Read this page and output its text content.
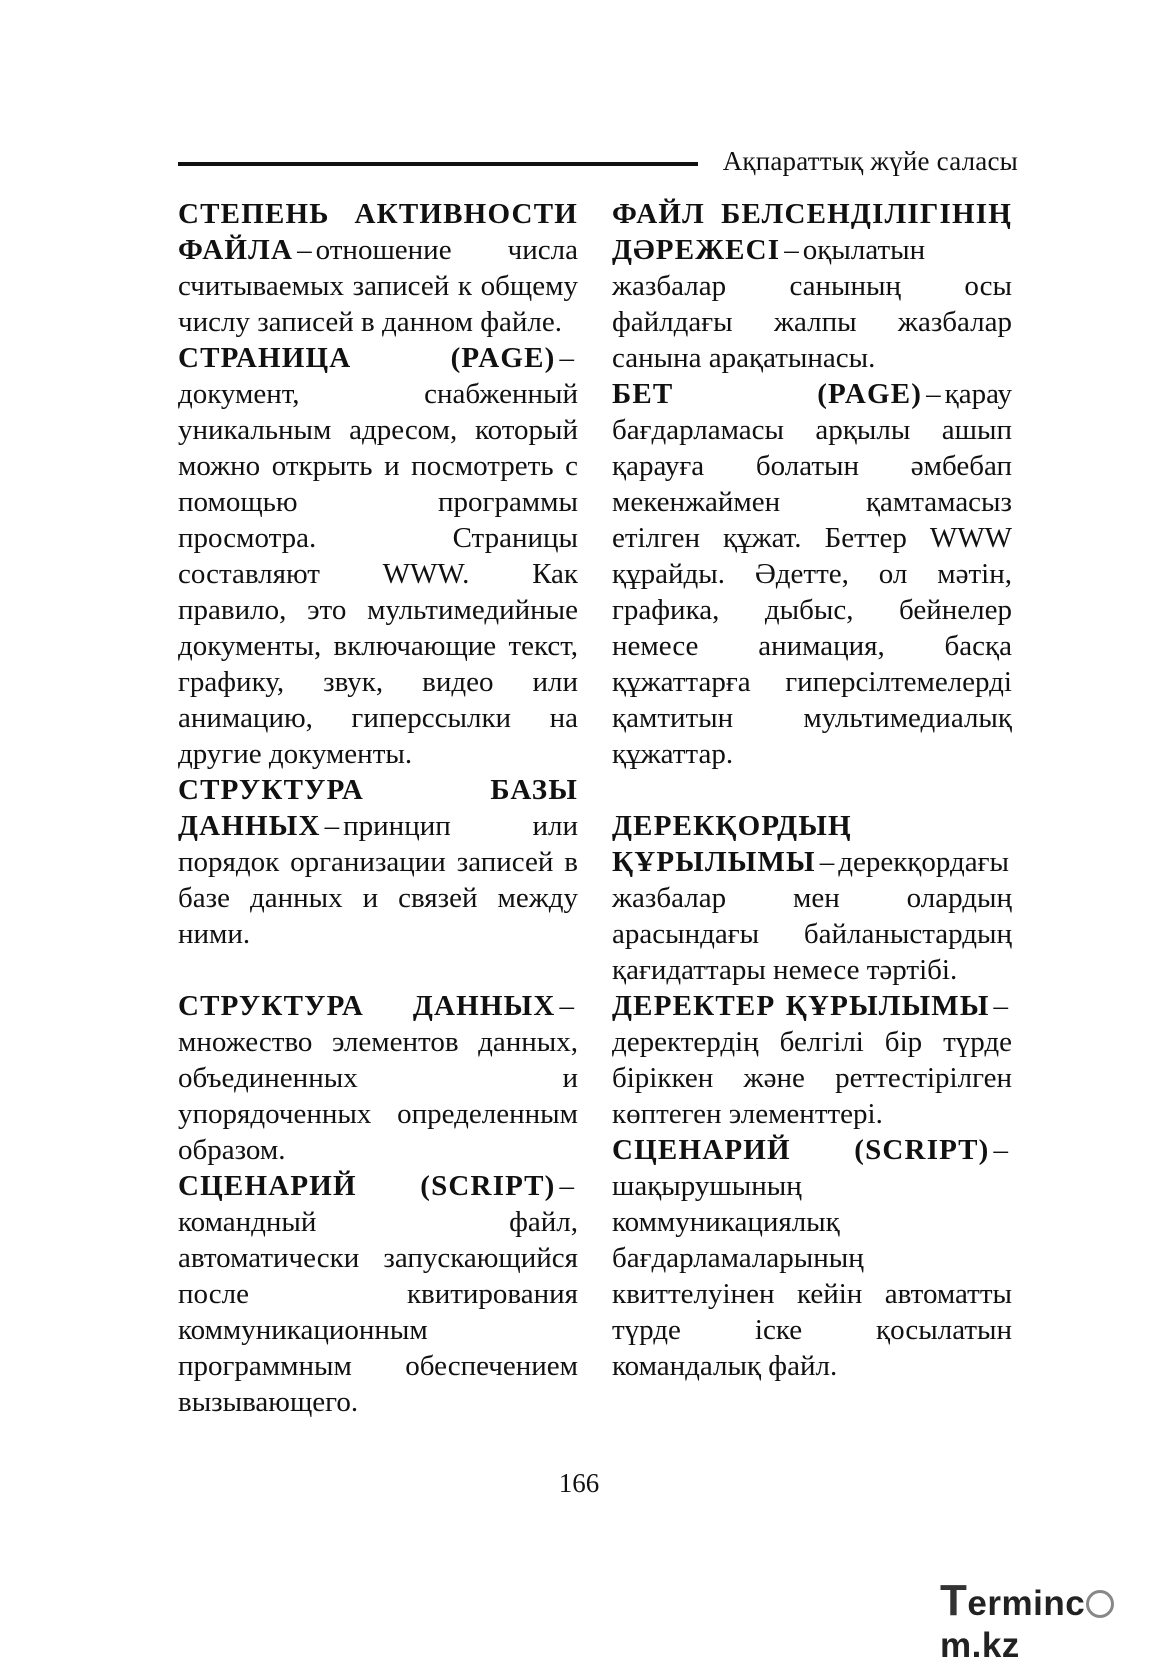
Ақпараттық жүйе саласы

СТЕПЕНЬ АКТИВНОСТИ ФАЙЛА – отношение числа считываемых записей к общему числу записей в данном файле.

СТРАНИЦА (PAGE) –документ, снабженный уникальным адресом, который можно открыть и посмотреть с помощью программы просмотра. Страницы составляют WWW. Как правило, это мультимедийные документы, включающие текст, графику, звук, видео или анимацию, гиперссылки на другие документы.

СТРУКТУРА БАЗЫ ДАННЫХ – принцип или порядок организации записей в базе данных и связей между ними.

СТРУКТУРА ДАННЫХ –множество элементов данных, объединенных и упорядоченных определенным образом.

СЦЕНАРИЙ (SCRIPT) –командный файл, автоматически запускающийся после квитирования коммуникационным программным обеспечением вызывающего.

ФАЙЛ БЕЛСЕНДІЛІГІНІҢ ДӘРЕЖЕСІ – оқылатын жазбалар санының осы файлдағы жалпы жазбалар санына арақатынасы.

БЕТ (PAGE) – қарау бағдарламасы арқылы ашып қарауға болатын әмбебап мекенжаймен қамтамасыз етілген құжат. Беттер WWW құрайды. Әдетте, ол мәтін, графика, дыбыс, бейнелер немесе анимация, басқа құжаттарға гиперсілтемелерді қамтитын мультимедиалық құжаттар.

ДЕРЕКҚОРДЫҢ ҚҰРЫЛЫМЫ – дерекқордағы жазбалар мен олардың арасындағы байланыстардың қағидаттары немесе тәртібі.

ДЕРЕКТЕР ҚҰРЫЛЫМЫ –деректердің белгілі бір түрде біріккен және реттестірілген көптеген элементтері.

СЦЕНАРИЙ (SCRIPT) –шақырушының коммуникациялық бағдарламаларының квиттелуінен кейін автоматты түрде іске қосылатын командалық файл.

166
Termincm.kz
